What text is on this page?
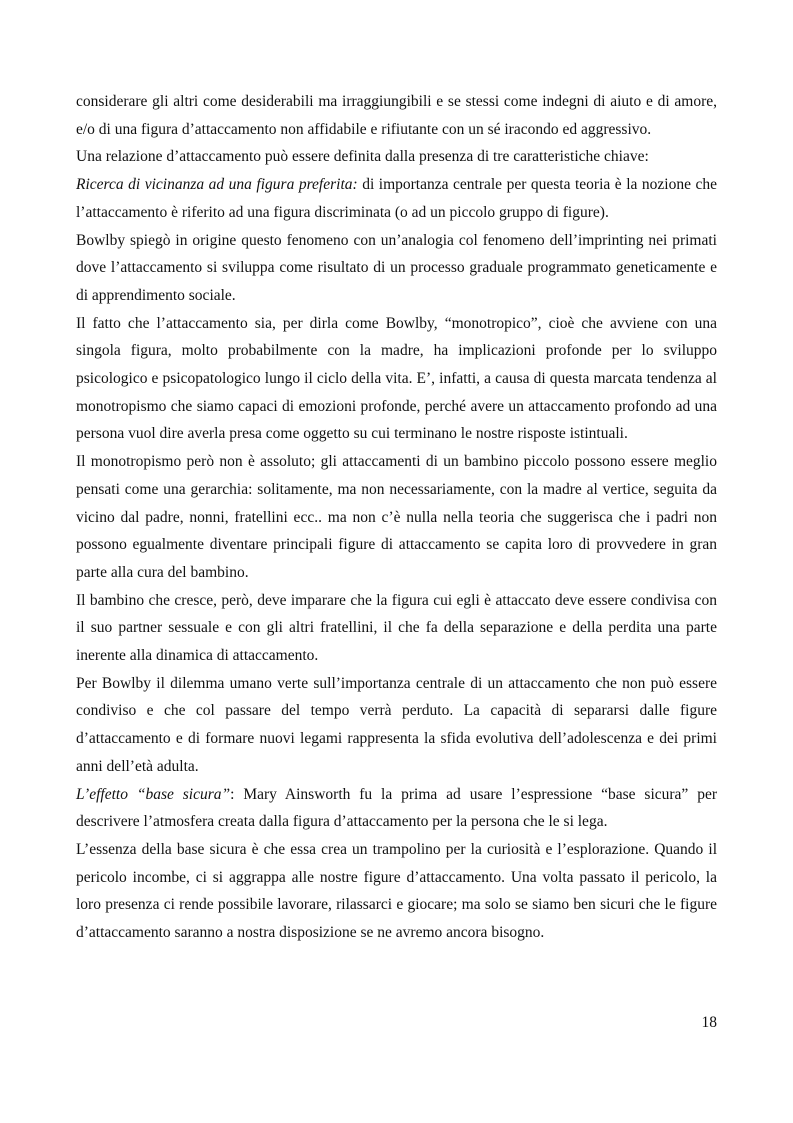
considerare gli altri come desiderabili ma irraggiungibili e se stessi come indegni di aiuto e di amore, e/o di una figura d’attaccamento non affidabile e rifiutante con un sé iracondo ed aggressivo.

Una relazione d’attaccamento può essere definita dalla presenza di tre caratteristiche chiave:

Ricerca di vicinanza ad una figura preferita: di importanza centrale per questa teoria è la nozione che l’attaccamento è riferito ad una figura discriminata (o ad un piccolo gruppo di figure).

Bowlby spiegò in origine questo fenomeno con un’analogia col fenomeno dell’imprinting nei primati dove l’attaccamento si sviluppa come risultato di un processo graduale programmato geneticamente e di apprendimento sociale.

Il fatto che l’attaccamento sia, per dirla come Bowlby, “monotropico”, cioè che avviene con una singola figura, molto probabilmente con la madre, ha implicazioni profonde per lo sviluppo psicologico e psicopatologico lungo il ciclo della vita. E’, infatti, a causa di questa marcata tendenza al monotropismo che siamo capaci di emozioni profonde, perché avere un attaccamento profondo ad una persona vuol dire averla presa come oggetto su cui terminano le nostre risposte istintuali.

Il monotropismo però non è assoluto; gli attaccamenti di un bambino piccolo possono essere meglio pensati come una gerarchia: solitamente, ma non necessariamente, con la madre al vertice, seguita da vicino dal padre, nonni, fratellini ecc.. ma non c’è nulla nella teoria che suggerisca che i padri non possono egualmente diventare principali figure di attaccamento se capita loro di provvedere in gran parte alla cura del bambino.

Il bambino che cresce, però, deve imparare che la figura cui egli è attaccato deve essere condivisa con il suo partner sessuale e con gli altri fratellini, il che fa della separazione e della perdita una parte inerente alla dinamica di attaccamento.

Per Bowlby il dilemma umano verte sull’importanza centrale di un attaccamento che non può essere condiviso e che col passare del tempo verrà perduto. La capacità di separarsi dalle figure d’attaccamento e di formare nuovi legami rappresenta la sfida evolutiva dell’adolescenza e dei primi anni dell’età adulta.

L’effetto “base sicura”: Mary Ainsworth fu la prima ad usare l’espressione “base sicura” per descrivere l’atmosfera creata dalla figura d’attaccamento per la persona che le si lega.

L’essenza della base sicura è che essa crea un trampolino per la curiosità e l’esplorazione. Quando il pericolo incombe, ci si aggrappa alle nostre figure d’attaccamento. Una volta passato il pericolo, la loro presenza ci rende possibile lavorare, rilassarci e giocare; ma solo se siamo ben sicuri che le figure d’attaccamento saranno a nostra disposizione se ne avremo ancora bisogno.

18
